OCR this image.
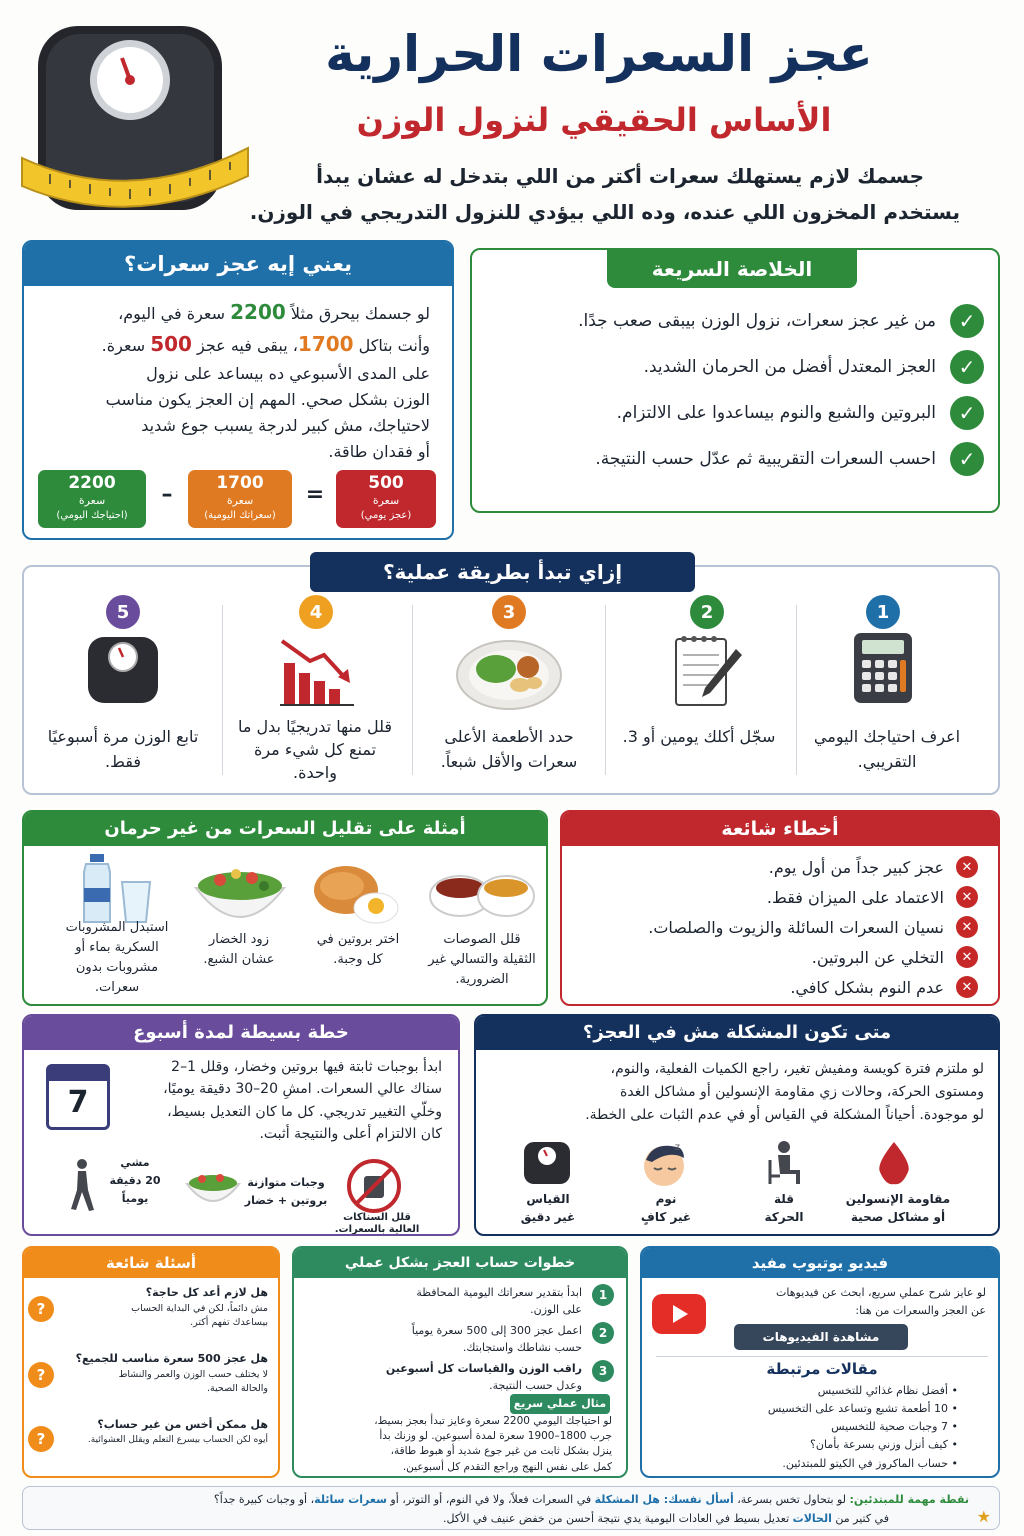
عجز السعرات الحرارية
الأساس الحقيقي لنزول الوزن
جسمك لازم يستهلك سعرات أكتر من اللي بتدخل له عشان يبدأ
يستخدم المخزون اللي عنده، وده اللي بيؤدي للنزول التدريجي في الوزن.
الخلاصة السريعة
✓
من غير عجز سعرات، نزول الوزن بيبقى صعب جدًا.
✓
العجز المعتدل أفضل من الحرمان الشديد.
✓
البروتين والشبع والنوم بيساعدوا على الالتزام.
✓
احسب السعرات التقريبية ثم عدّل حسب النتيجة.
يعني إيه عجز سعرات؟
لو جسمك بيحرق مثلاً 2200 سعرة في اليوم،
وأنت بتاكل 1700، يبقى فيه عجز 500 سعرة.
على المدى الأسبوعي ده بيساعد على نزول
الوزن بشكل صحي. المهم إن العجز يكون مناسب
لاحتياجك، مش كبير لدرجة يسبب جوع شديد
أو فقدان طاقة.
500
سعرة
(عجز يومي)
=
1700
سعرة
(سعراتك اليومية)
–
2200
سعرة
(احتياجك اليومي)
إزاي تبدأ بطريقة عملية؟
1
اعرف احتياجك اليومي التقريبي.
2
سجّل أكلك يومين أو 3.
3
حدد الأطعمة الأعلى سعرات والأقل شبعاً.
4
قلل منها تدريجيًا بدل ما تمنع كل شيء مرة واحدة.
5
تابع الوزن مرة أسبوعيًا فقط.
أخطاء شائعة
✕
عجز كبير جداً من أول يوم.
✕
الاعتماد على الميزان فقط.
✕
نسيان السعرات السائلة والزيوت والصلصات.
✕
التخلي عن البروتين.
✕
عدم النوم بشكل كافي.
أمثلة على تقليل السعرات من غير حرمان
قلل الصوصات الثقيلة والتسالي غير الضرورية.
اختر بروتين في كل وجبة.
زود الخضار عشان الشبع.
استبدل المشروبات السكرية بماء أو مشروبات بدون سعرات.
متى تكون المشكلة مش في العجز؟
لو ملتزم فترة كويسة ومفيش تغير، راجع الكميات الفعلية، والنوم،
ومستوى الحركة، وحالات زي مقاومة الإنسولين أو مشاكل الغدة
لو موجودة. أحياناً المشكلة في القياس أو في عدم الثبات على الخطة.
مقاومة الإنسولين
أو مشاكل صحية
قلة
الحركة
z
نوم
غير كافٍ
القياس
غير دقيق
خطة بسيطة لمدة أسبوع
7
ابدأ بوجبات ثابتة فيها بروتين وخضار، وقلل 1–2
سناك عالي السعرات. امشِ 20–30 دقيقة يوميًا،
وخلّي التغيير تدريجي. كل ما كان التعديل بسيط،
كان الالتزام أعلى والنتيجة أثبت.
قلل السناكات
العالية بالسعرات.
وجبات متوازنة
بروتين + خضار
مشي
20 دقيقة
يومياً
فيديو يوتيوب مفيد
لو عايز شرح عملي سريع، ابحث عن فيديوهات
عن العجز والسعرات من هنا:
مشاهدة الفيديوهات
مقالات مرتبطة
• أفضل نظام غذائي للتخسيس
• 10 أطعمة تشبع وتساعد على التخسيس
• 7 وجبات صحية للتخسيس
• كيف أنزل وزني بسرعة بأمان؟
• حساب الماكروز في الكيتو للمبتدئين.
خطوات حساب العجز بشكل عملي
1
ابدأ بتقدير سعراتك اليومية المحافظة
على الوزن.
2
اعمل عجز 300 إلى 500 سعرة يومياً
حسب نشاطك واستجابتك.
3
راقب الوزن والقياسات كل أسبوعين
وعدل حسب النتيجة.
مثال عملي سريع
لو احتياجك اليومي 2200 سعرة وعايز تبدأ بعجز بسيط،
جرب 1800–1900 سعرة لمدة أسبوعين. لو وزنك بدأ
ينزل بشكل ثابت من غير جوع شديد أو هبوط طاقة،
كمل على نفس النهج وراجع التقدم كل أسبوعين.
أسئلة شائعة
هل لازم أعد كل حاجة؟
مش دائماً، لكن في البداية الحساب
بيساعدك تفهم أكتر.
?
هل عجز 500 سعرة مناسب للجميع؟
لا يختلف حسب الوزن والعمر والنشاط
والحالة الصحية.
?
هل ممكن أخس من غير حساب؟
أيوه لكن الحساب بيسرع التعلم ويقلل العشوائية.
?
★
نقطة مهمة للمبتدئين: لو بتحاول تخس بسرعة، أسأل نفسك: هل المشكلة في السعرات فعلاً، ولا في النوم، أو التوتر، أو سعرات سائلة، أو وجبات كبيرة جداً؟
في كتير من الحالات تعديل بسيط في العادات اليومية يدي نتيجة أحسن من خفض عنيف في الأكل.
